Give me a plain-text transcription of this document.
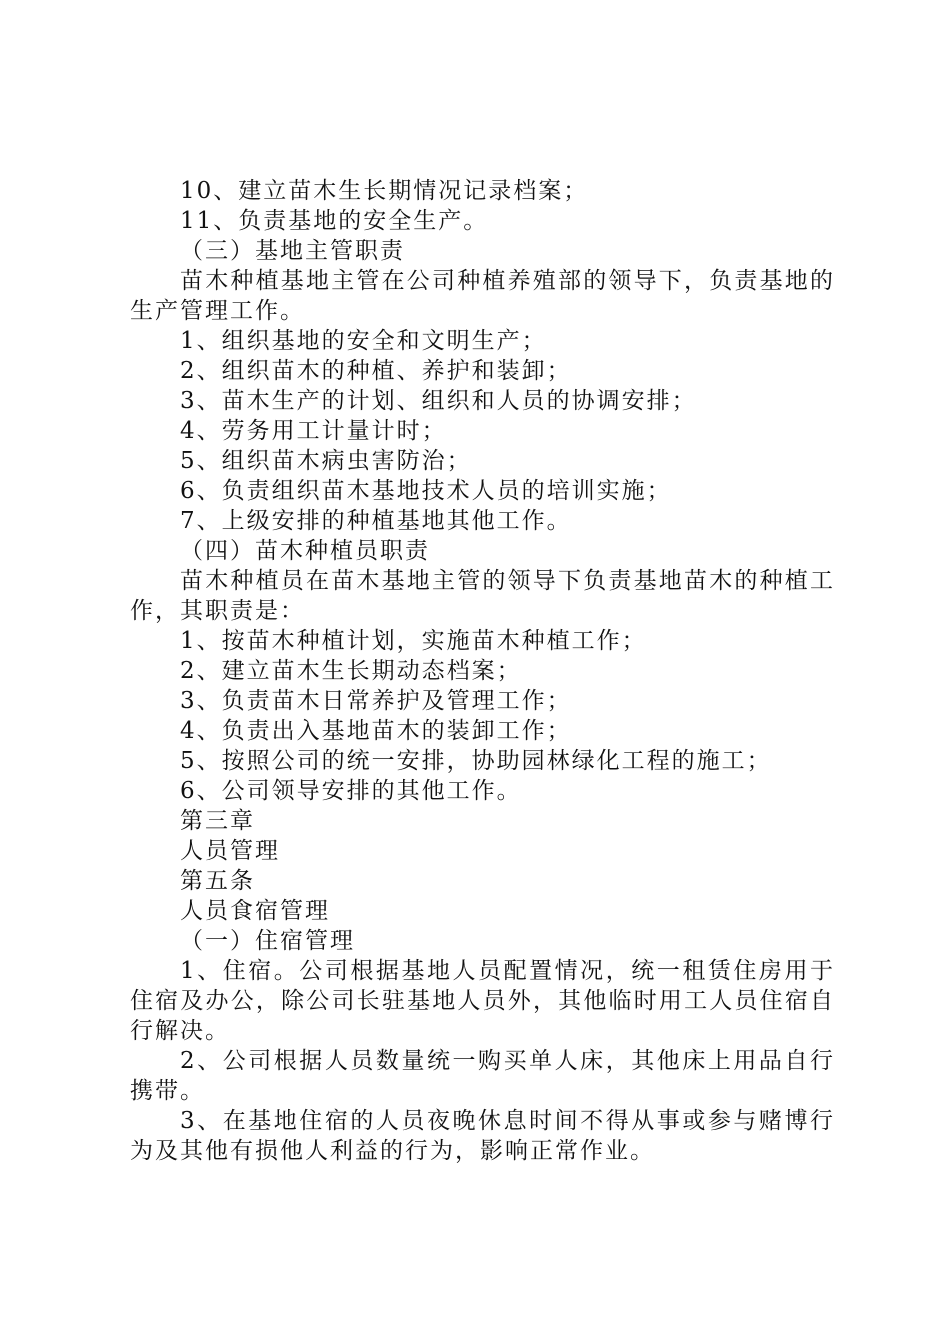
10、建立苗木生长期情况记录档案；

11、负责基地的安全生产。

（三）基地主管职责

苗木种植基地主管在公司种植养殖部的领导下，负责基地的生产管理工作。

1、组织基地的安全和文明生产；

2、组织苗木的种植、养护和装卸；

3、苗木生产的计划、组织和人员的协调安排；

4、劳务用工计量计时；

5、组织苗木病虫害防治；

6、负责组织苗木基地技术人员的培训实施；

7、上级安排的种植基地其他工作。

（四）苗木种植员职责

苗木种植员在苗木基地主管的领导下负责基地苗木的种植工作，其职责是：

1、按苗木种植计划，实施苗木种植工作；

2、建立苗木生长期动态档案；

3、负责苗木日常养护及管理工作；

4、负责出入基地苗木的装卸工作；

5、按照公司的统一安排，协助园林绿化工程的施工；

6、公司领导安排的其他工作。

第三章

人员管理

第五条

人员食宿管理

（一）住宿管理

1、住宿。公司根据基地人员配置情况，统一租赁住房用于住宿及办公，除公司长驻基地人员外，其他临时用工人员住宿自行解决。

2、公司根据人员数量统一购买单人床，其他床上用品自行携带。

3、在基地住宿的人员夜晚休息时间不得从事或参与赌博行为及其他有损他人利益的行为，影响正常作业。
